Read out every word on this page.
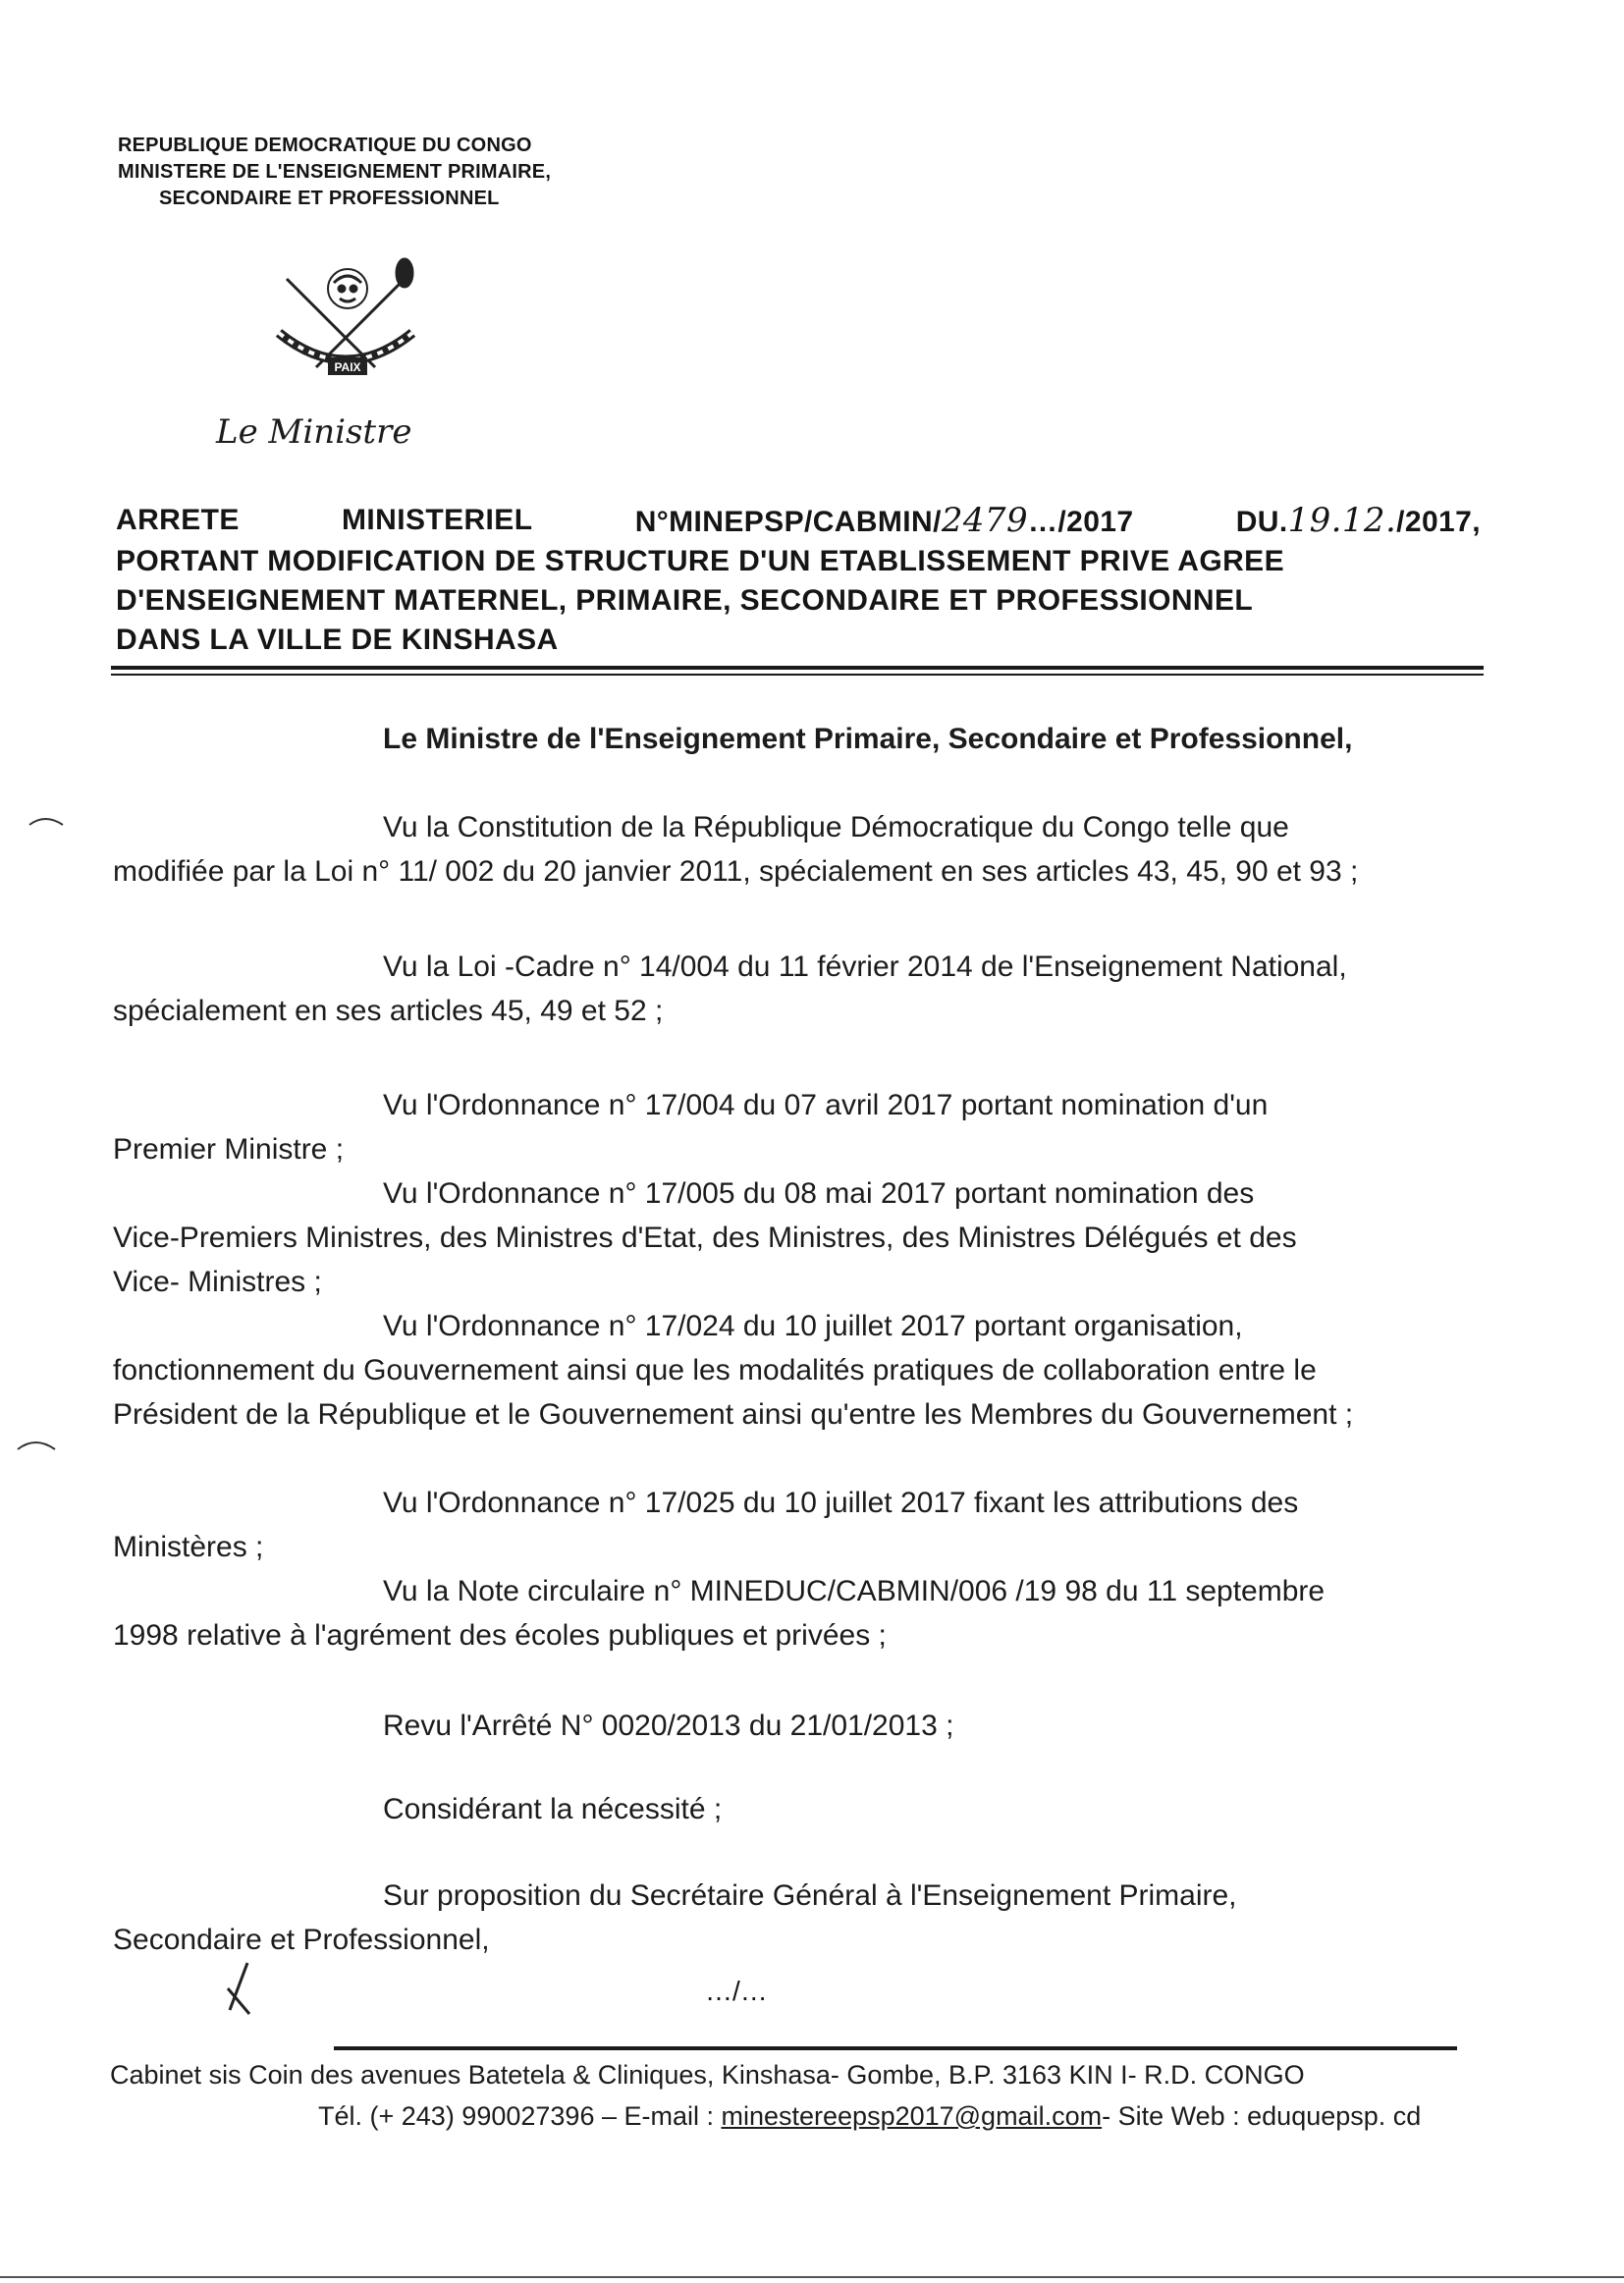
REPUBLIQUE DEMOCRATIQUE DU CONGO
MINISTERE DE L'ENSEIGNEMENT PRIMAIRE,
SECONDAIRE ET PROFESSIONNEL
PAIX
Le Ministre
ARRETE	MINISTERIEL	N°MINEPSP/CABMIN/2479…/2017	DU.19.12./2017,
PORTANT MODIFICATION DE STRUCTURE D'UN ETABLISSEMENT PRIVE AGREE
D'ENSEIGNEMENT MATERNEL, PRIMAIRE, SECONDAIRE ET PROFESSIONNEL
DANS LA VILLE DE KINSHASA
Le Ministre de l'Enseignement Primaire, Secondaire et Professionnel,
Vu la Constitution de la République Démocratique du Congo telle que
modifiée par la Loi n° 11/ 002 du 20 janvier 2011, spécialement en ses articles 43, 45, 90 et 93 ;
Vu la Loi -Cadre n° 14/004 du 11 février 2014 de l'Enseignement National,
spécialement en ses articles 45, 49 et 52 ;
Vu l'Ordonnance n° 17/004 du 07 avril 2017 portant nomination d'un
Premier Ministre ;
Vu l'Ordonnance n° 17/005 du 08 mai 2017 portant nomination des
Vice-Premiers Ministres, des Ministres d'Etat, des Ministres, des Ministres Délégués et des
Vice- Ministres ;
Vu l'Ordonnance n° 17/024 du 10 juillet 2017 portant organisation,
fonctionnement du Gouvernement ainsi que les modalités pratiques de collaboration entre le
Président de la République et le Gouvernement ainsi qu'entre les Membres du Gouvernement ;
Vu l'Ordonnance n° 17/025 du 10 juillet 2017 fixant les attributions des
Ministères ;
Vu la Note circulaire n° MINEDUC/CABMIN/006 /19 98 du 11 septembre
1998 relative à l'agrément des écoles publiques et privées ;
Revu l'Arrêté N° 0020/2013 du 21/01/2013 ;
Considérant la nécessité ;
Sur proposition du Secrétaire Général à l'Enseignement Primaire,
Secondaire et Professionnel,
…/…
Cabinet sis Coin des avenues Batetela & Cliniques, Kinshasa- Gombe, B.P. 3163 KIN I- R.D. CONGO
Tél. (+ 243) 990027396 – E-mail : minestereepsp2017@gmail.com- Site Web : eduquepsp. cd
